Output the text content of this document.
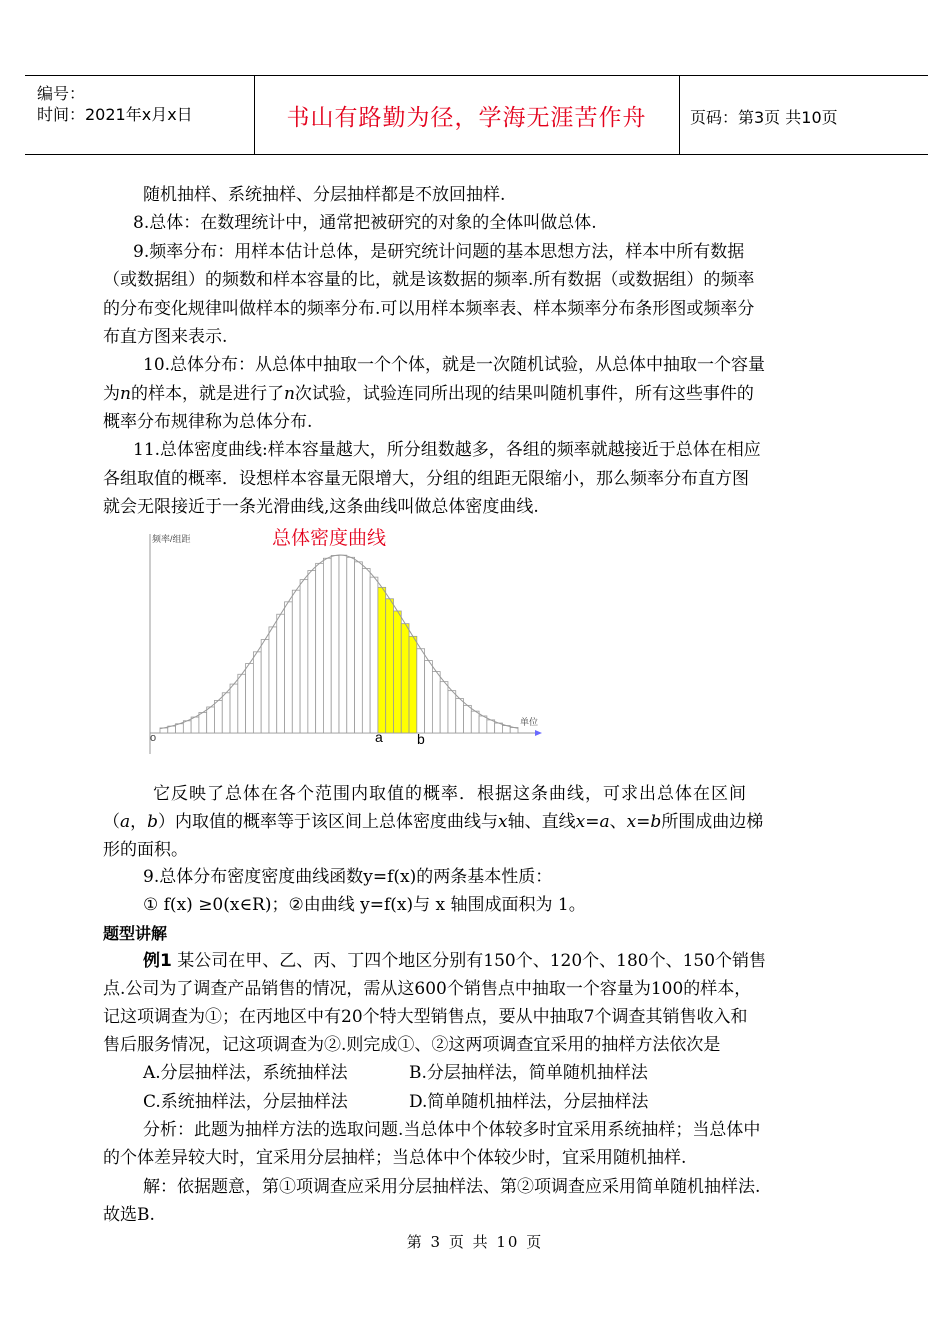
编号：
时间：2021年x月x日	书山有路勤为径，学海无涯苦作舟	页码：第3页 共10页
随机抽样、系统抽样、分层抽样都是不放回抽样.
8.总体：在数理统计中，通常把被研究的对象的全体叫做总体.
9.频率分布：用样本估计总体，是研究统计问题的基本思想方法，样本中所有数据
（或数据组）的频数和样本容量的比，就是该数据的频率.所有数据（或数据组）的频率
的分布变化规律叫做样本的频率分布.可以用样本频率表、样本频率分布条形图或频率分
布直方图来表示.
10.总体分布：从总体中抽取一个个体，就是一次随机试验，从总体中抽取一个容量
为n的样本，就是进行了n次试验，试验连同所出现的结果叫随机事件，所有这些事件的
概率分布规律称为总体分布.
11.总体密度曲线:样本容量越大，所分组数越多，各组的频率就越接近于总体在相应
各组取值的概率．设想样本容量无限增大，分组的组距无限缩小，那么频率分布直方图
就会无限接近于一条光滑曲线,这条曲线叫做总体密度曲线.
频率/组距	总体密度曲线
单位
o	a b
它反映了总体在各个范围内取值的概率．根据这条曲线，可求出总体在区间
（a，b）内取值的概率等于该区间上总体密度曲线与x轴、直线x=a、x=b所围成曲边梯
形的面积。
9.总体分布密度密度曲线函数y=f(x)的两条基本性质：
① f(x) ≥0(x∈R)；②由曲线 y=f(x)与 x 轴围成面积为 1。
题型讲解
例1 某公司在甲、乙、丙、丁四个地区分别有150个、120个、180个、150个销售
点.公司为了调查产品销售的情况，需从这600个销售点中抽取一个容量为100的样本，
记这项调查为①；在丙地区中有20个特大型销售点，要从中抽取7个调查其销售收入和
售后服务情况，记这项调查为②.则完成①、②这两项调查宜采用的抽样方法依次是
A.分层抽样法，系统抽样法	B.分层抽样法，简单随机抽样法
C.系统抽样法，分层抽样法	D.简单随机抽样法，分层抽样法
分析：此题为抽样方法的选取问题.当总体中个体较多时宜采用系统抽样；当总体中
的个体差异较大时，宜采用分层抽样；当总体中个体较少时，宜采用随机抽样.
解：依据题意，第①项调查应采用分层抽样法、第②项调查应采用简单随机抽样法.
故选B.
第 3 页 共 10 页
